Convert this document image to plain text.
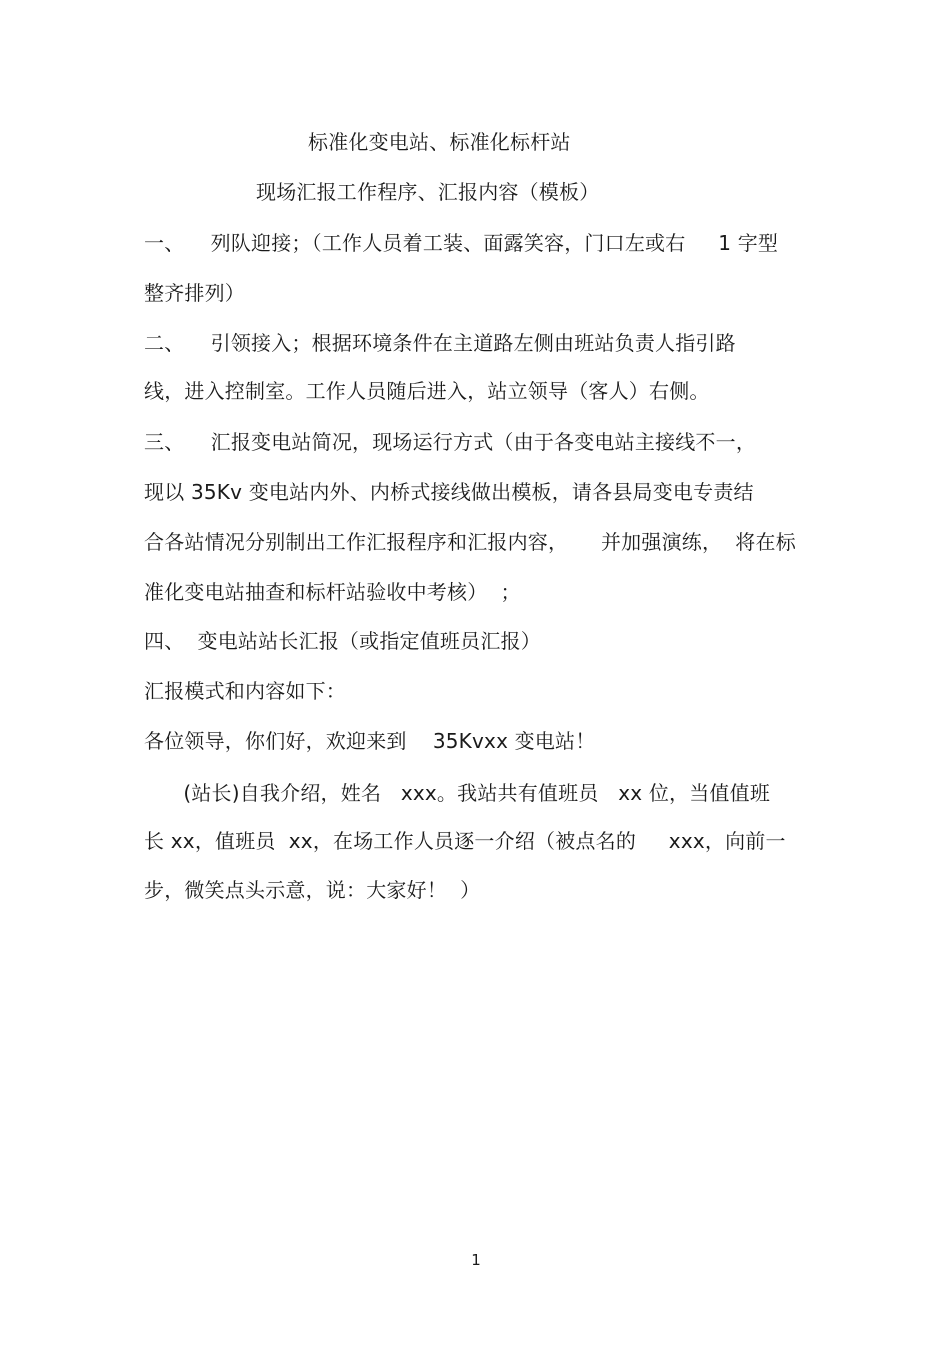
标准化变电站、标准化标杆站
现场汇报工作程序、汇报内容（模板）
一、    列队迎接；（工作人员着工装、面露笑容，门口左或右     1 字型
整齐排列）
二、    引领接入；根据环境条件在主道路左侧由班站负责人指引路
线，进入控制室。工作人员随后进入，站立领导（客人）右侧。
三、    汇报变电站简况，现场运行方式（由于各变电站主接线不一，
现以 35Kv 变电站内外、内桥式接线做出模板，请各县局变电专责结
合各站情况分别制出工作汇报程序和汇报内容，     并加强演练，  将在标
准化变电站抽查和标杆站验收中考核）  ；
四、  变电站站长汇报（或指定值班员汇报）
汇报模式和内容如下：
各位领导，你们好，欢迎来到    35Kvxx 变电站！
(站长)自我介绍，姓名   xxx。我站共有值班员   xx 位，当值值班
长 xx，值班员  xx，在场工作人员逐一介绍（被点名的     xxx，向前一
步，微笑点头示意，说：大家好！  ）
1
